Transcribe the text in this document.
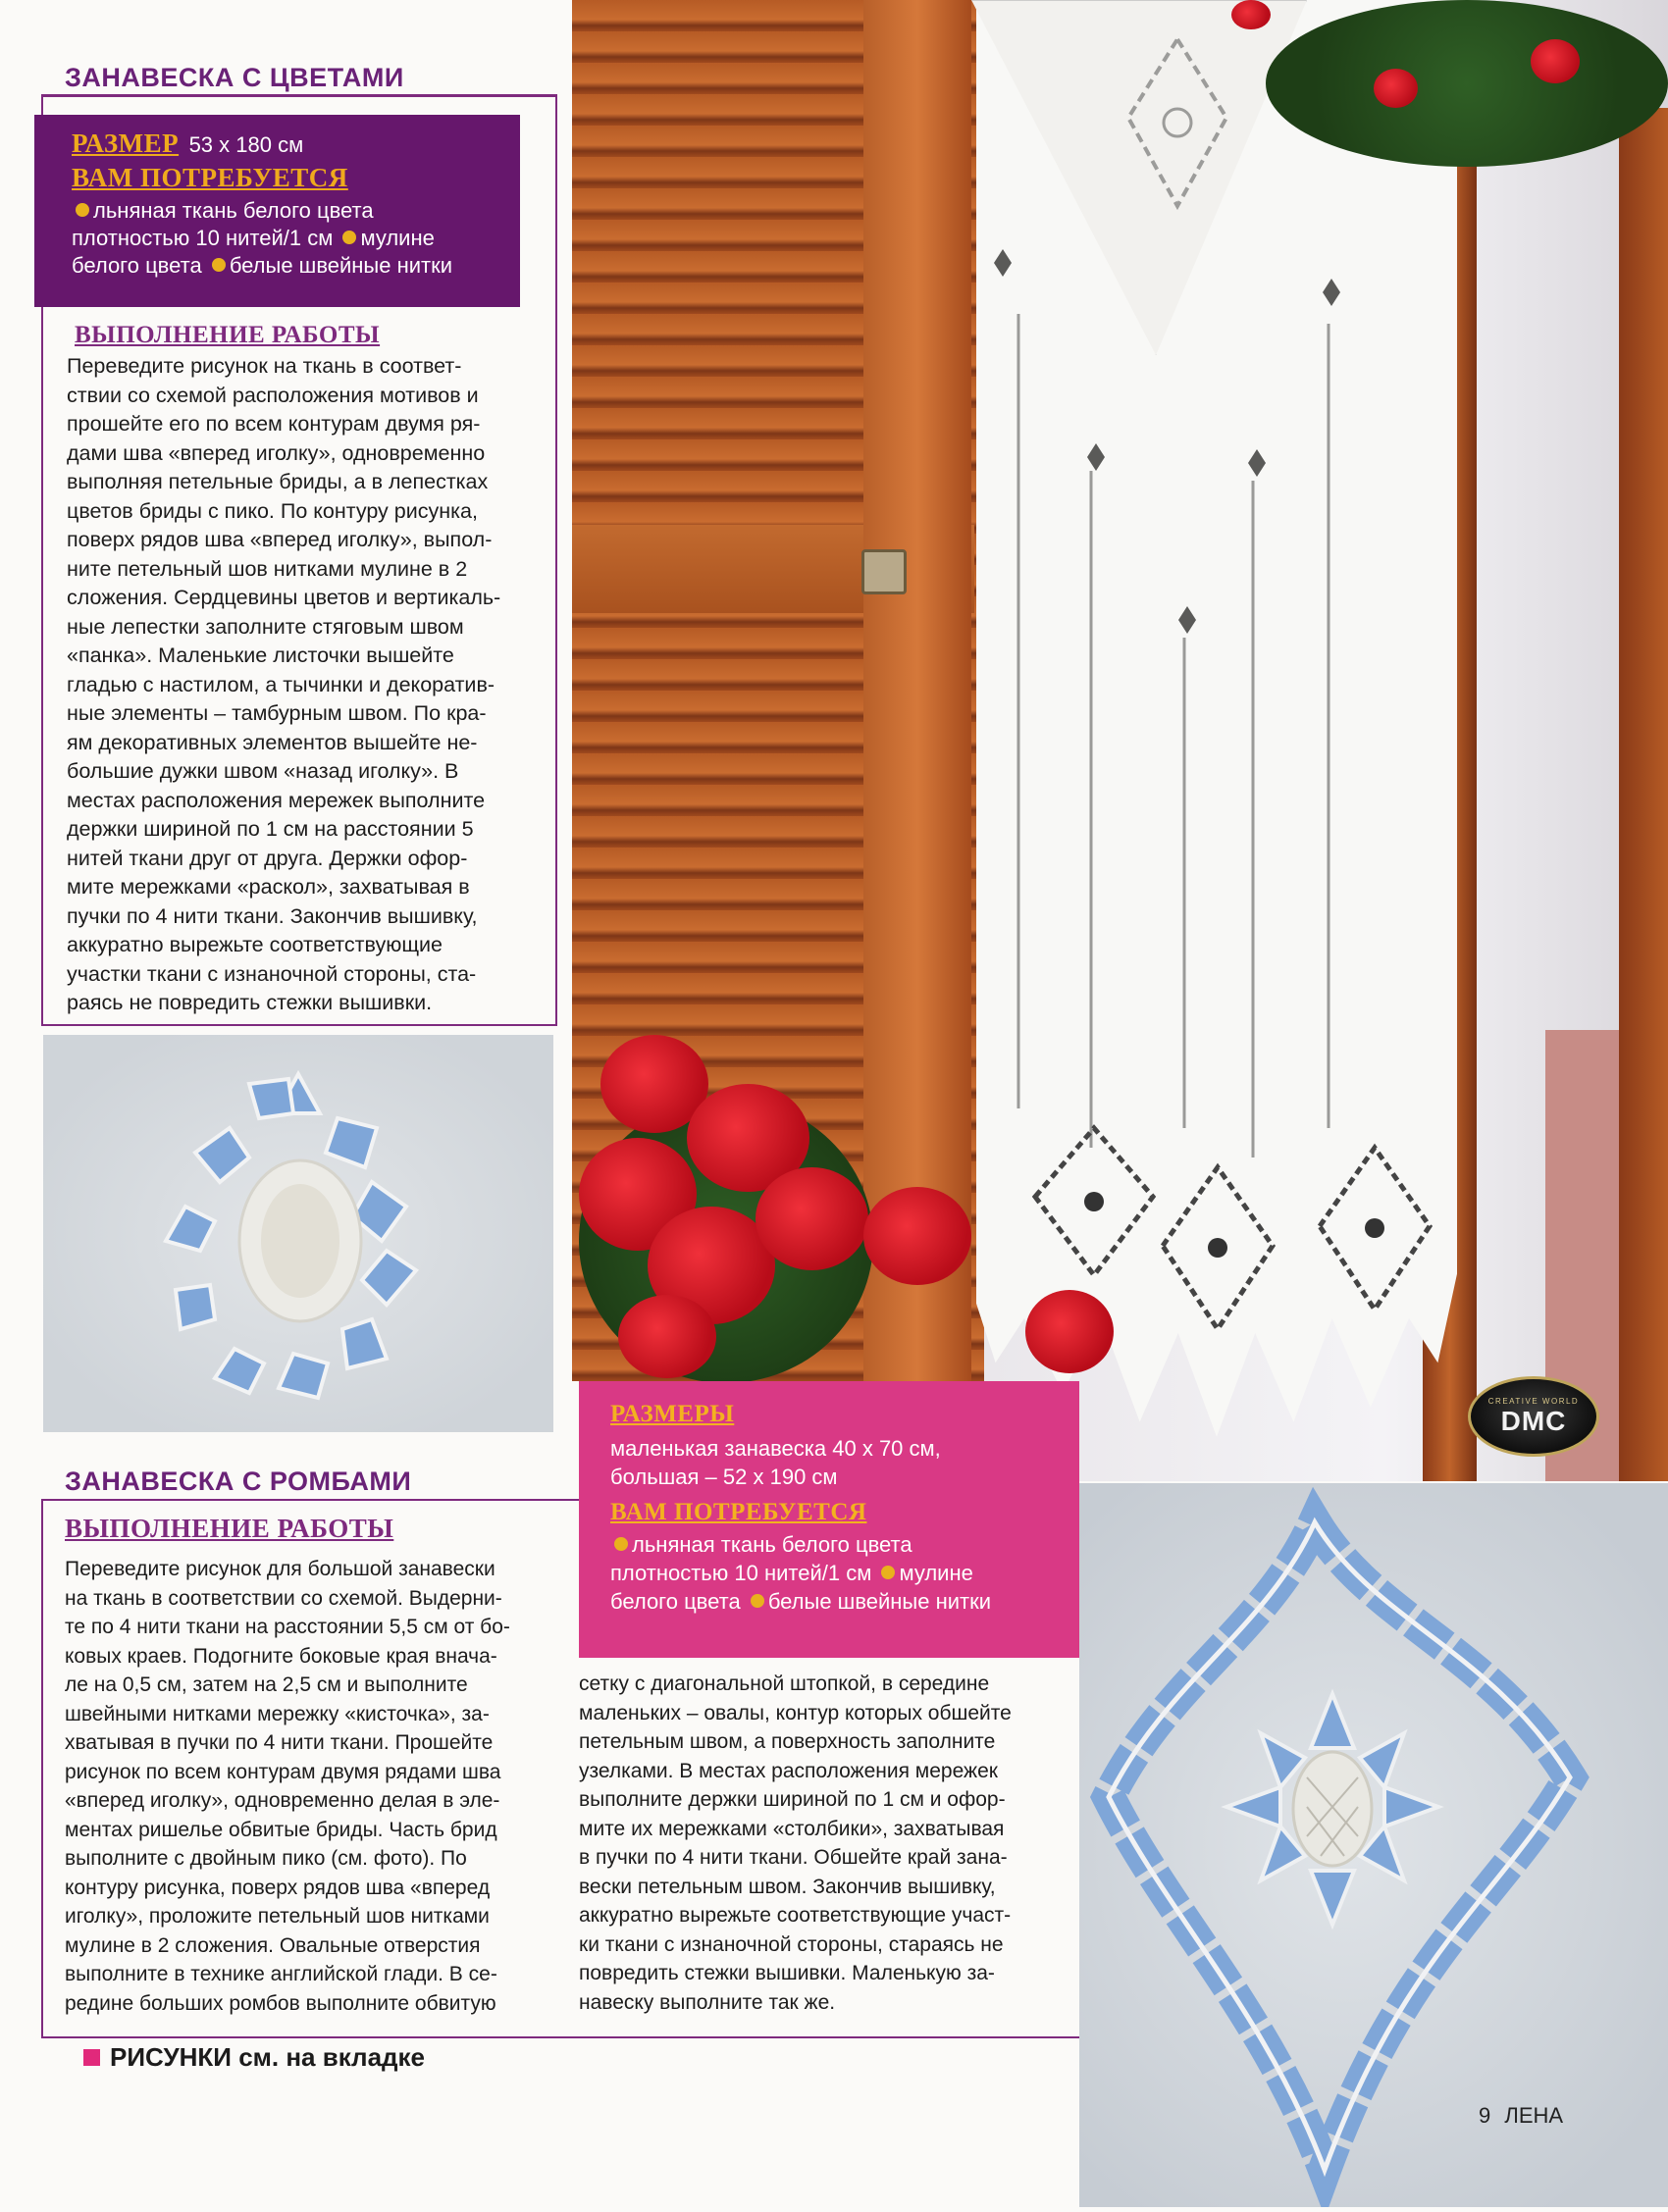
CREATIVE WORLD
DMC
ЗАНАВЕСКА С ЦВЕТАМИ
РАЗМЕР 53 х 180 см
ВАМ ПОТРЕБУЕТСЯ
льняная ткань белого цвета
плотностью 10 нитей/1 см мулине
белого цвета белые швейные нитки
ВЫПОЛНЕНИЕ РАБОТЫ
Переведите рисунок на ткань в соответ-
ствии со схемой расположения мотивов и
прошейте его по всем контурам двумя ря-
дами шва «вперед иголку», одновременно
выполняя петельные бриды, а в лепестках
цветов бриды с пико. По контуру рисунка,
поверх рядов шва «вперед иголку», выпол-
ните петельный шов нитками мулине в 2
сложения. Сердцевины цветов и вертикаль-
ные лепестки заполните стяговым швом
«панка». Маленькие листочки вышейте
гладью с настилом, а тычинки и декоратив-
ные элементы – тамбурным швом. По кра-
ям декоративных элементов вышейте не-
большие дужки швом «назад иголку». В
местах расположения мережек выполните
держки шириной по 1 см на расстоянии 5
нитей ткани друг от друга. Держки офор-
мите мережками «раскол», захватывая в
пучки по 4 нити ткани. Закончив вышивку,
аккуратно вырежьте соответствующие
участки ткани с изнаночной стороны, ста-
раясь не повредить стежки вышивки.
РАЗМЕРЫ
маленькая занавеска 40 х 70 см,
большая – 52 х 190 см
ВАМ ПОТРЕБУЕТСЯ
льняная ткань белого цвета
плотностью 10 нитей/1 см мулине
белого цвета белые швейные нитки
ЗАНАВЕСКА С РОМБАМИ
ВЫПОЛНЕНИЕ РАБОТЫ
Переведите рисунок для большой занавески
на ткань в соответствии со схемой. Выдерни-
те по 4 нити ткани на расстоянии 5,5 см от бо-
ковых краев. Подогните боковые края внача-
ле на 0,5 см, затем на 2,5 см и выполните
швейными нитками мережку «кисточка», за-
хватывая в пучки по 4 нити ткани. Прошейте
рисунок по всем контурам двумя рядами шва
«вперед иголку», одновременно делая в эле-
ментах ришелье обвитые бриды. Часть брид
выполните с двойным пико (см. фото). По
контуру рисунка, поверх рядов шва «вперед
иголку», проложите петельный шов нитками
мулине в 2 сложения. Овальные отверстия
выполните в технике английской глади. В се-
редине больших ромбов выполните обвитую
сетку с диагональной штопкой, в середине
маленьких – овалы, контур которых обшейте
петельным швом, а поверхность заполните
узелками. В местах расположения мережек
выполните держки шириной по 1 см и офор-
мите их мережками «столбики», захватывая
в пучки по 4 нити ткани. Обшейте край зана-
вески петельным швом. Закончив вышивку,
аккуратно вырежьте соответствующие участ-
ки ткани с изнаночной стороны, стараясь не
повредить стежки вышивки. Маленькую за-
навеску выполните так же.
РИСУНКИ см. на вкладке
9 ЛЕНА
